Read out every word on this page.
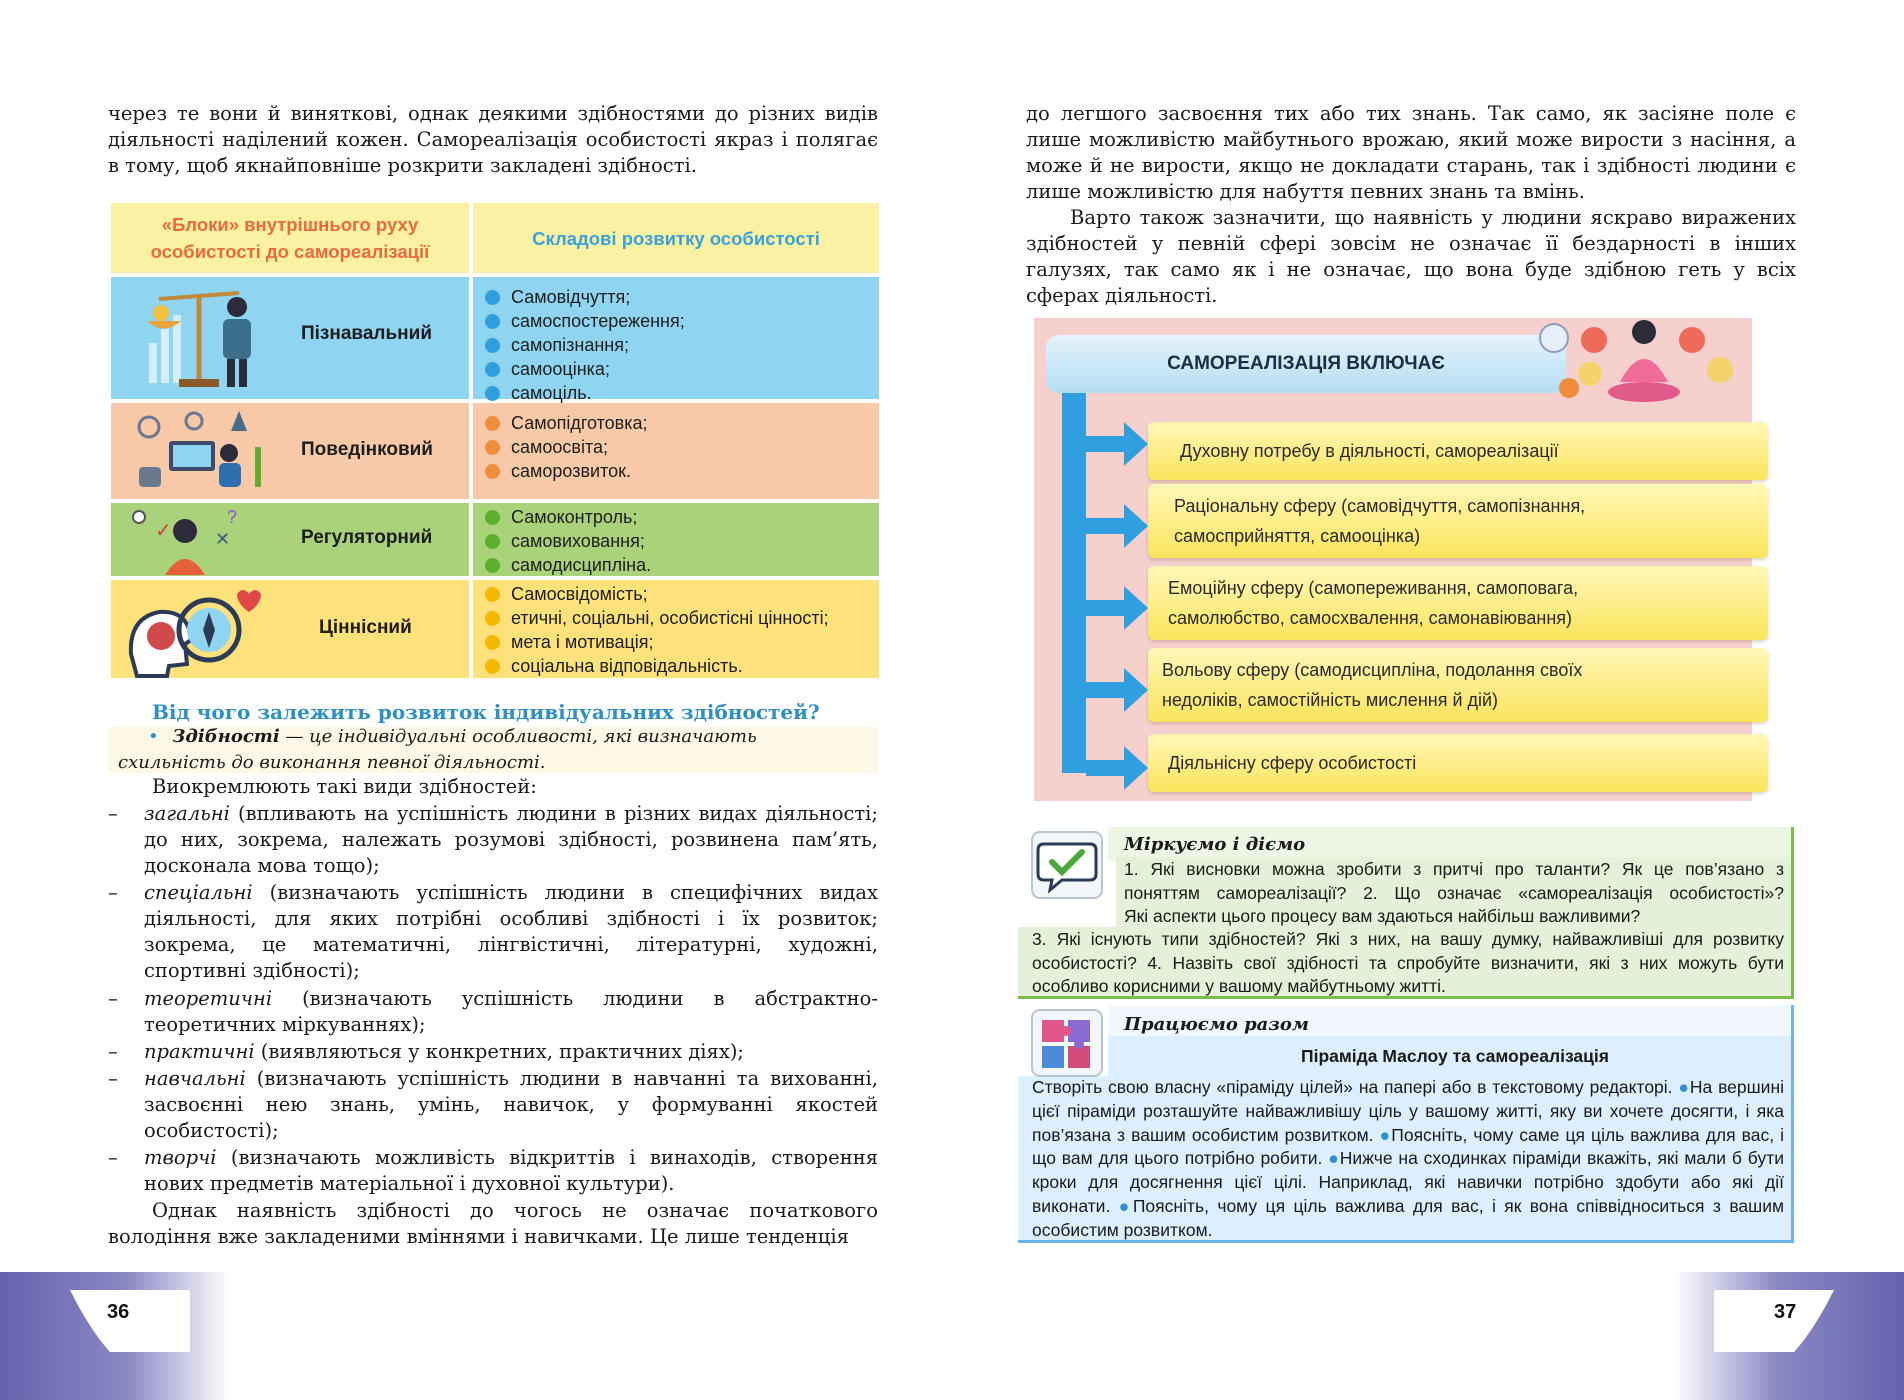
через те вони й виняткові, однак деякими здібностями до різних видів
діяльності наділений кожен. Самореалізація особистості якраз і полягає
в тому, щоб якнайповніше розкрити закладені здібності.
«Блоки» внутрішнього руху особистості до самореалізації
Складові розвитку особистості
Пізнавальний
Самовідчуття;
самоспостереження;
самопізнання;
самооцінка;
самоціль.
Поведінковий
Самопідготовка;
самоосвіта;
саморозвиток.
✓ ✕
?
Регуляторний
Самоконтроль;
самовиховання;
самодисципліна.
Ціннісний
Самосвідомість;
етичні, соціальні, особистісні цінності;
мета і мотивація;
соціальна відповідальність.
Від чого залежить розвиток індивідуальних здібностей?
• Здібності — це індивідуальні особливості, які визначають
схильність до виконання певної діяльності.
Виокремлюють такі види здібностей:
– загальні (впливають на успішність людини в різних видах діяльності; до них, зокрема, належать розумові здібності, розвинена пам’ять, досконала мова тощо);
– спеціальні (визначають успішність людини в специфічних видах діяльності, для яких потрібні особливі здібності і їх розвиток; зокрема, це математичні, лінгвістичні, літературні, художні, спортивні здібності);
– теоретичні (визначають успішність людини в абстрактно-теоретичних міркуваннях);
– практичні (виявляються у конкретних, практичних діях);
– навчальні (визначають успішність людини в навчанні та вихованні, засвоєнні нею знань, умінь, навичок, у формуванні якостей особистості);
– творчі (визначають можливість відкриттів і винаходів, створення нових предметів матеріальної і духовної культури).
Однак наявність здібності до чогось не означає початкового володіння вже закладеними вміннями і навичками. Це лише тенденція
36
до легшого засвоєння тих або тих знань. Так само, як засіяне поле є лише можливістю майбутнього врожаю, який може вирости з насіння, а може й не вирости, якщо не докладати старань, так і здібності людини є лише можливістю для набуття певних знань та вмінь.
Варто також зазначити, що наявність у людини яскраво виражених здібностей у певній сфері зовсім не означає її бездарності в інших галузях, так само як і не означає, що вона буде здібною геть у всіх сферах діяльності.
САМОРЕАЛІЗАЦІЯ ВКЛЮЧАЄ
Духовну потребу в діяльності, самореалізації
Раціональну сферу (самовідчуття, самопізнання,
самосприйняття, самооцінка)
Емоційну сферу (самопереживання, самоповага,
самолюбство, самосхвалення, самонавіювання)
Вольову сферу (самодисципліна, подолання своїх
недоліків, самостійність мислення й дій)
Діяльнісну сферу особистості
Міркуємо і діємо
1. Які висновки можна зробити з притчі про таланти? Як це пов’язано з
поняттям самореалізації? 2. Що означає «самореалізація особистості»?
Які аспекти цього процесу вам здаються найбільш важливими?
3. Які існують типи здібностей? Які з них, на вашу думку, найважливіші для розвитку особистості? 4. Назвіть свої здібності та спробуйте визначити, які з них можуть бути особливо корисними у вашому майбутньому житті.
Працюємо разом
Піраміда Маслоу та самореалізація
Створіть свою власну «піраміду цілей» на папері або в текстовому редакторі. ●На вершині цієї піраміди розташуйте найважливішу ціль у вашому житті, яку ви хочете досягти, і яка пов’язана з вашим особистим розвитком. ●Поясніть, чому саме ця ціль важлива для вас, і що вам для цього потрібно робити. ●Нижче на сходинках піраміди вкажіть, які мали б бути кроки для досягнення цієї цілі. Наприклад, які навички потрібно здобути або які дії виконати. ●Поясніть, чому ця ціль важлива для вас, і як вона співвідноситься з вашим особистим розвитком.
37
